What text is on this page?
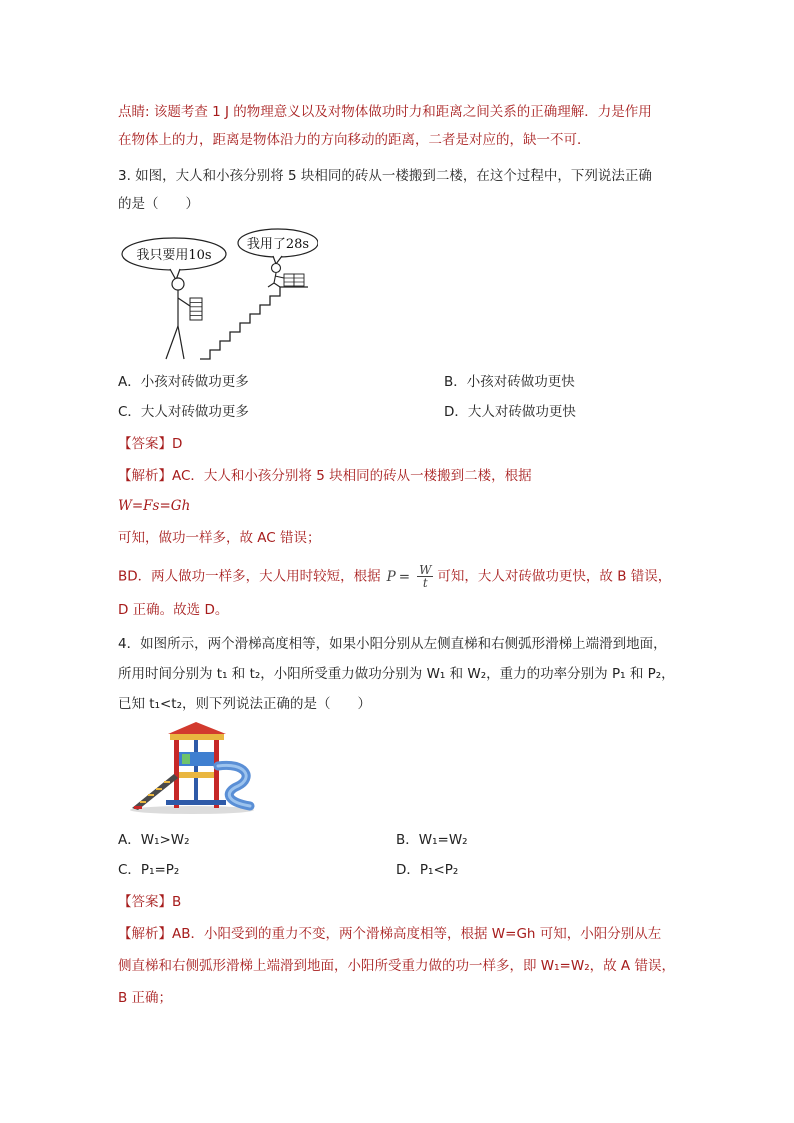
点睛: 该题考查 1 J 的物理意义以及对物体做功时力和距离之间关系的正确理解．力是作用
在物体上的力，距离是物体沿力的方向移动的距离，二者是对应的，缺一不可．
3. 如图，大人和小孩分别将 5 块相同的砖从一楼搬到二楼，在这个过程中，下列说法正确
的是（　　）
我只要用10s
我用了28s
A．小孩对砖做功更多	B．小孩对砖做功更快
C．大人对砖做功更多	D．大人对砖做功更快
【答案】D
【解析】AC．大人和小孩分别将 5 块相同的砖从一楼搬到二楼，根据
W=Fs=Gh
可知，做功一样多，故 AC 错误；
BD．两人做功一样多，大人用时较短，根据 $P = \frac{W}{t}$ 可知，大人对砖做功更快，故 B 错误，
D 正确。故选 D。
4．如图所示，两个滑梯高度相等，如果小阳分别从左侧直梯和右侧弧形滑梯上端滑到地面，
所用时间分别为 t₁ 和 t₂，小阳所受重力做功分别为 W₁ 和 W₂，重力的功率分别为 P₁ 和 P₂，
已知 t₁<t₂，则下列说法正确的是（　　）
A．W₁>W₂	B．W₁=W₂
C．P₁=P₂	D．P₁<P₂
【答案】B
【解析】AB．小阳受到的重力不变，两个滑梯高度相等，根据 W=Gh 可知，小阳分别从左
侧直梯和右侧弧形滑梯上端滑到地面，小阳所受重力做的功一样多，即 W₁=W₂，故 A 错误，
B 正确；
